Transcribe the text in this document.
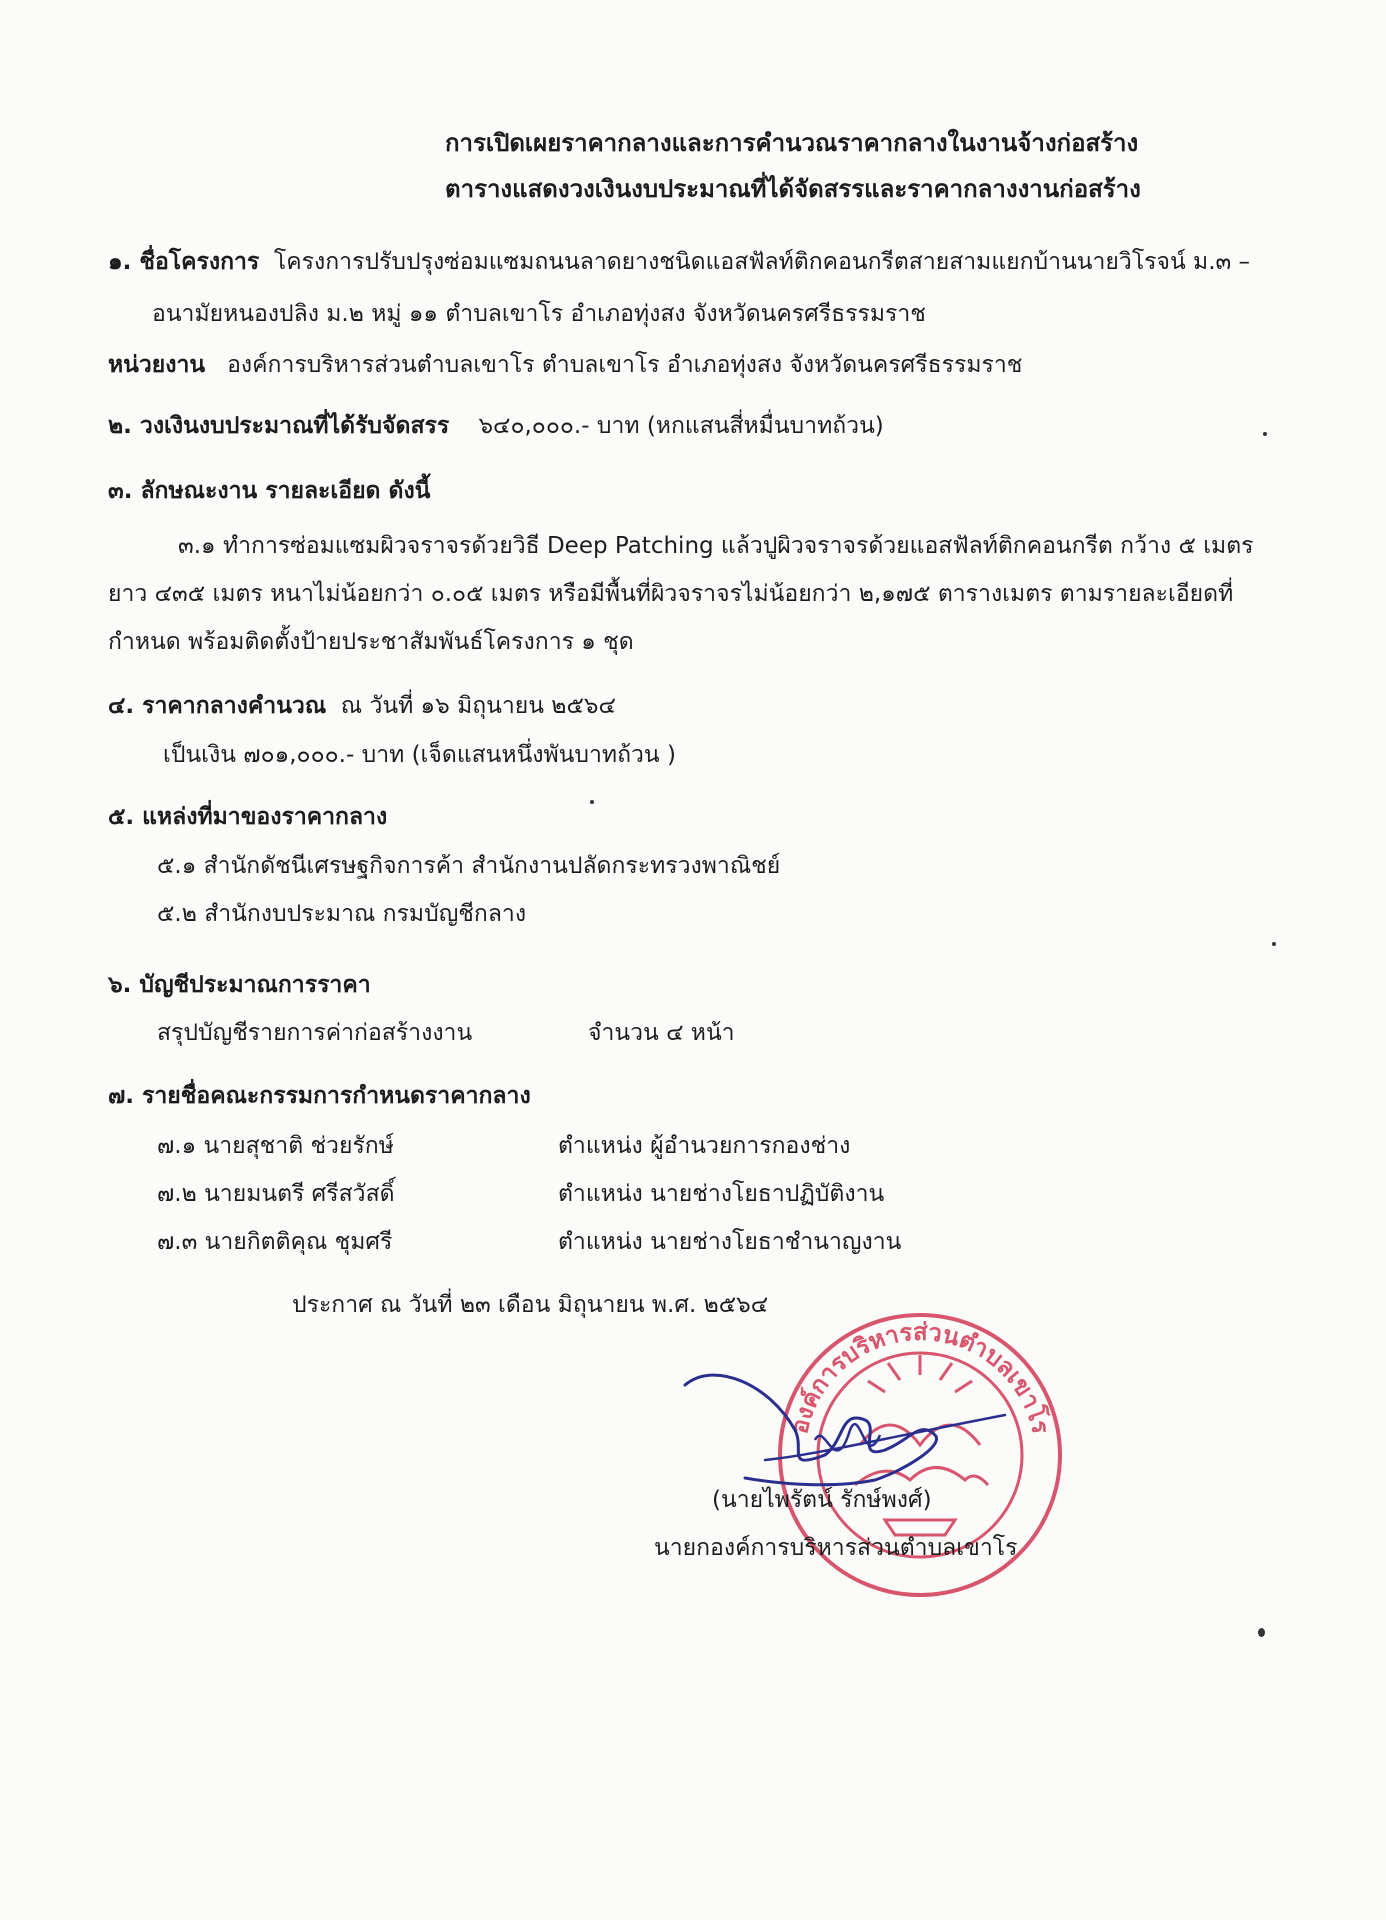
การเปิดเผยราคากลางและการคำนวณราคากลางในงานจ้างก่อสร้าง
ตารางแสดงวงเงินงบประมาณที่ได้จัดสรรและราคากลางงานก่อสร้าง
๑. ชื่อโครงการ โครงการปรับปรุงซ่อมแซมถนนลาดยางชนิดแอสฟัลท์ติกคอนกรีตสายสามแยกบ้านนายวิโรจน์ ม.๓ –
อนามัยหนองปลิง ม.๒ หมู่ ๑๑ ตำบลเขาโร อำเภอทุ่งสง จังหวัดนครศรีธรรมราช
หน่วยงาน องค์การบริหารส่วนตำบลเขาโร ตำบลเขาโร อำเภอทุ่งสง จังหวัดนครศรีธรรมราช
๒. วงเงินงบประมาณที่ได้รับจัดสรร ๖๔๐,๐๐๐.- บาท (หกแสนสี่หมื่นบาทถ้วน)
๓. ลักษณะงาน รายละเอียด ดังนี้
๓.๑ ทำการซ่อมแซมผิวจราจรด้วยวิธี Deep Patching แล้วปูผิวจราจรด้วยแอสฟัลท์ติกคอนกรีต กว้าง ๕ เมตร
ยาว ๔๓๕ เมตร หนาไม่น้อยกว่า ๐.๐๕ เมตร หรือมีพื้นที่ผิวจราจรไม่น้อยกว่า ๒,๑๗๕ ตารางเมตร ตามรายละเอียดที่
กำหนด พร้อมติดตั้งป้ายประชาสัมพันธ์โครงการ ๑ ชุด
๔. ราคากลางคำนวณ ณ วันที่ ๑๖ มิถุนายน ๒๕๖๔
เป็นเงิน ๗๐๑,๐๐๐.- บาท (เจ็ดแสนหนึ่งพันบาทถ้วน )
๕. แหล่งที่มาของราคากลาง
๕.๑ สำนักดัชนีเศรษฐกิจการค้า สำนักงานปลัดกระทรวงพาณิชย์
๕.๒ สำนักงบประมาณ กรมบัญชีกลาง
๖. บัญชีประมาณการราคา
สรุปบัญชีรายการค่าก่อสร้างงาน	จำนวน ๔ หน้า
๗. รายชื่อคณะกรรมการกำหนดราคากลาง
๗.๑ นายสุชาติ ช่วยรักษ์	ตำแหน่ง ผู้อำนวยการกองช่าง
๗.๒ นายมนตรี ศรีสวัสดิ์	ตำแหน่ง นายช่างโยธาปฏิบัติงาน
๗.๓ นายกิตติคุณ ชุมศรี	ตำแหน่ง นายช่างโยธาชำนาญงาน
ประกาศ ณ วันที่ ๒๓ เดือน มิถุนายน พ.ศ. ๒๕๖๔
องค์การบริหารส่วนตำบลเขาโร
(นายไพรัตน์ รักษ์พงศ์)
นายกองค์การบริหารส่วนตำบลเขาโร
